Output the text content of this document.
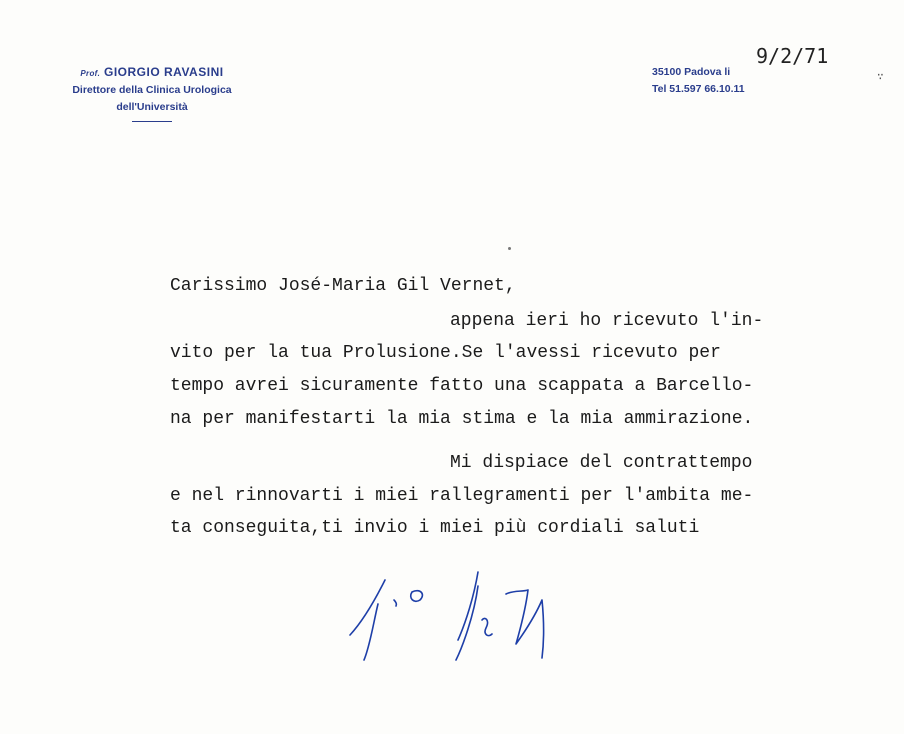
Prof. GIORGIO RAVASINI
Direttore della Clinica Urologica
dell'Università
35100 Padova li
Tel 51.597 66.10.11
9/2/71
∵
Carissimo José-Maria Gil Vernet,
appena ieri ho ricevuto l'in-
vito per la tua Prolusione.Se l'avessi ricevuto per
tempo avrei sicuramente fatto una scappata a Barcello-
na per manifestarti la mia stima e la mia ammirazione.
Mi dispiace del contrattempo
e nel rinnovarti i miei rallegramenti per l'ambita me-
ta conseguita,ti invio i miei più cordiali saluti
